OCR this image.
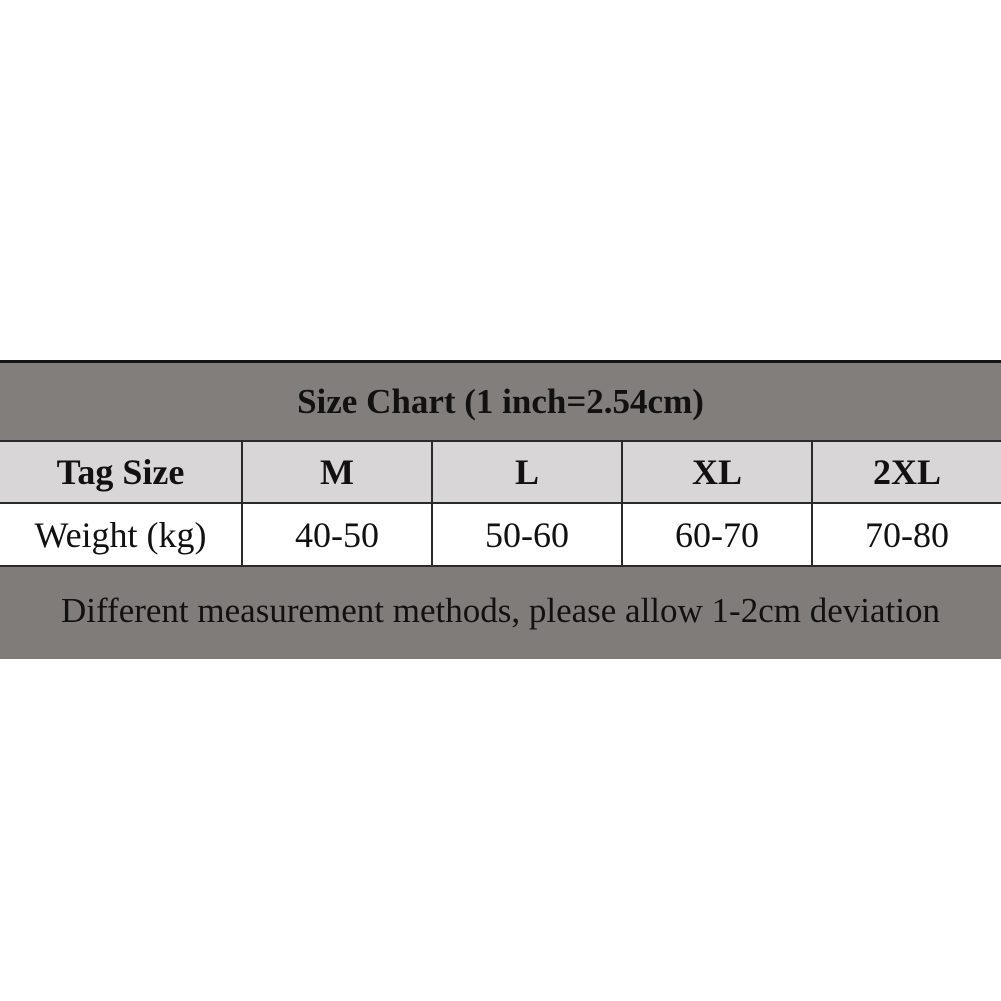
Size Chart (1 inch=2.54cm)
Tag Size	M	L	XL	2XL
Weight (kg)	40-50	50-60	60-70	70-80
Different measurement methods, please allow 1-2cm deviation
